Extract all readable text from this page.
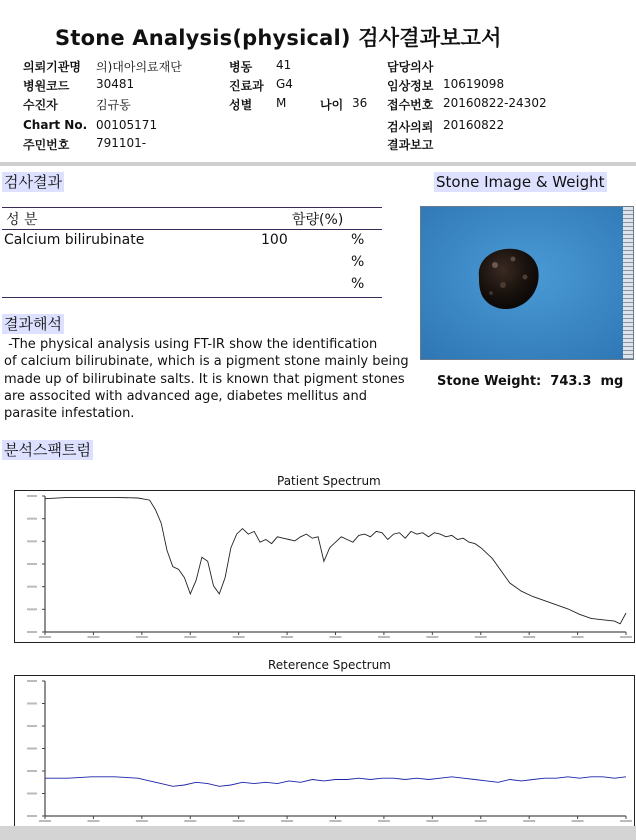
Stone Analysis(physical) 검사결과보고서
의뢰기관명 의)대아의료재단
병원코드 30481
수진자	김규동
Chart No. 00105171
주민번호 791101-
병동 41
진료과 G4
성별 M	나이 36
담당의사
임상정보 10619098
접수번호 20160822-24302
검사의뢰 20160822
결과보고
검사결과
성 분	함량(%)
Calcium bilirubinate	100	%
%
%
결과해석
-The physical analysis using FT-IR show the identification
of calcium bilirubinate, which is a pigment stone mainly being
made up of bilirubinate salts. It is known that pigment stones
are associted with advanced age, diabetes mellitus and
parasite infestation.
Stone Image & Weight
Stone Weight: 743.3 mg
분석스팩트럼
Patient Spectrum
Reterence Spectrum
